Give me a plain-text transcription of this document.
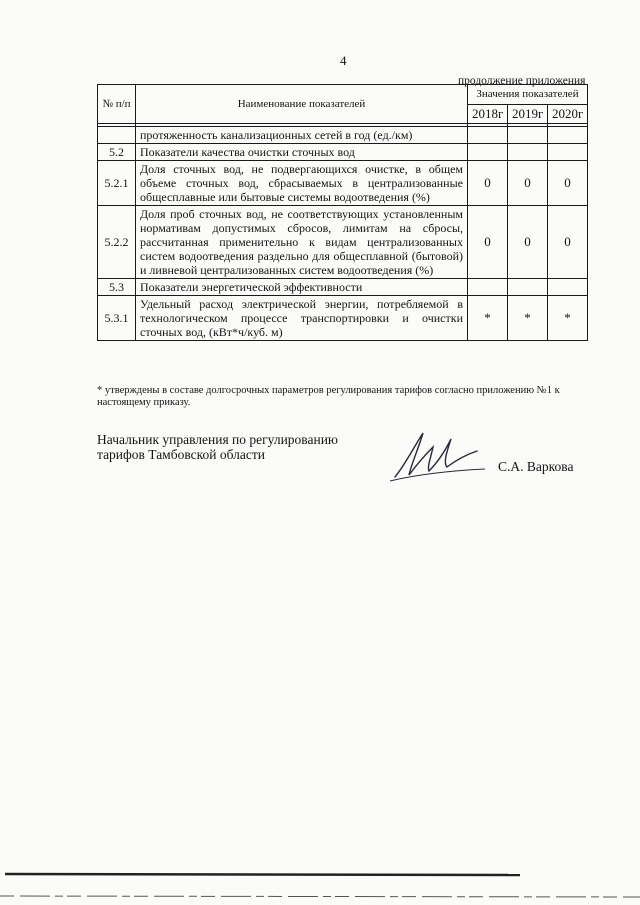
4
продолжение приложения
№ п/п	Наименование показателей	Значения показателей		
		2018г	2019г	2020г

	протяженность канализационных сетей в год (ед./км)			
5.2	Показатели качества очистки сточных вод			
5.2.1	Доля сточных вод, не подвергающихся очистке, в общем объеме сточных вод, сбрасываемых в централизованные общесплавные или бытовые системы водоотведения (%)	0	0	0
5.2.2	Доля проб сточных вод, не соответствующих установленным нормативам допустимых сбросов, лимитам на сбросы, рассчитанная применительно к видам централизованных систем водоотведения раздельно для общесплавной (бытовой) и ливневой централизованных систем водоотведения (%)	0	0	0
5.3	Показатели энергетической эффективности			
5.3.1	Удельный расход электрической энергии, потребляемой в технологическом процессе транспортировки и очистки сточных вод, (кВт*ч/куб. м)	*	*	*
* утверждены в составе долгосрочных параметров регулирования тарифов согласно приложению №1 к настоящему приказу.
Начальник управления по регулированию
тарифов Тамбовской области
С.А. Варкова
